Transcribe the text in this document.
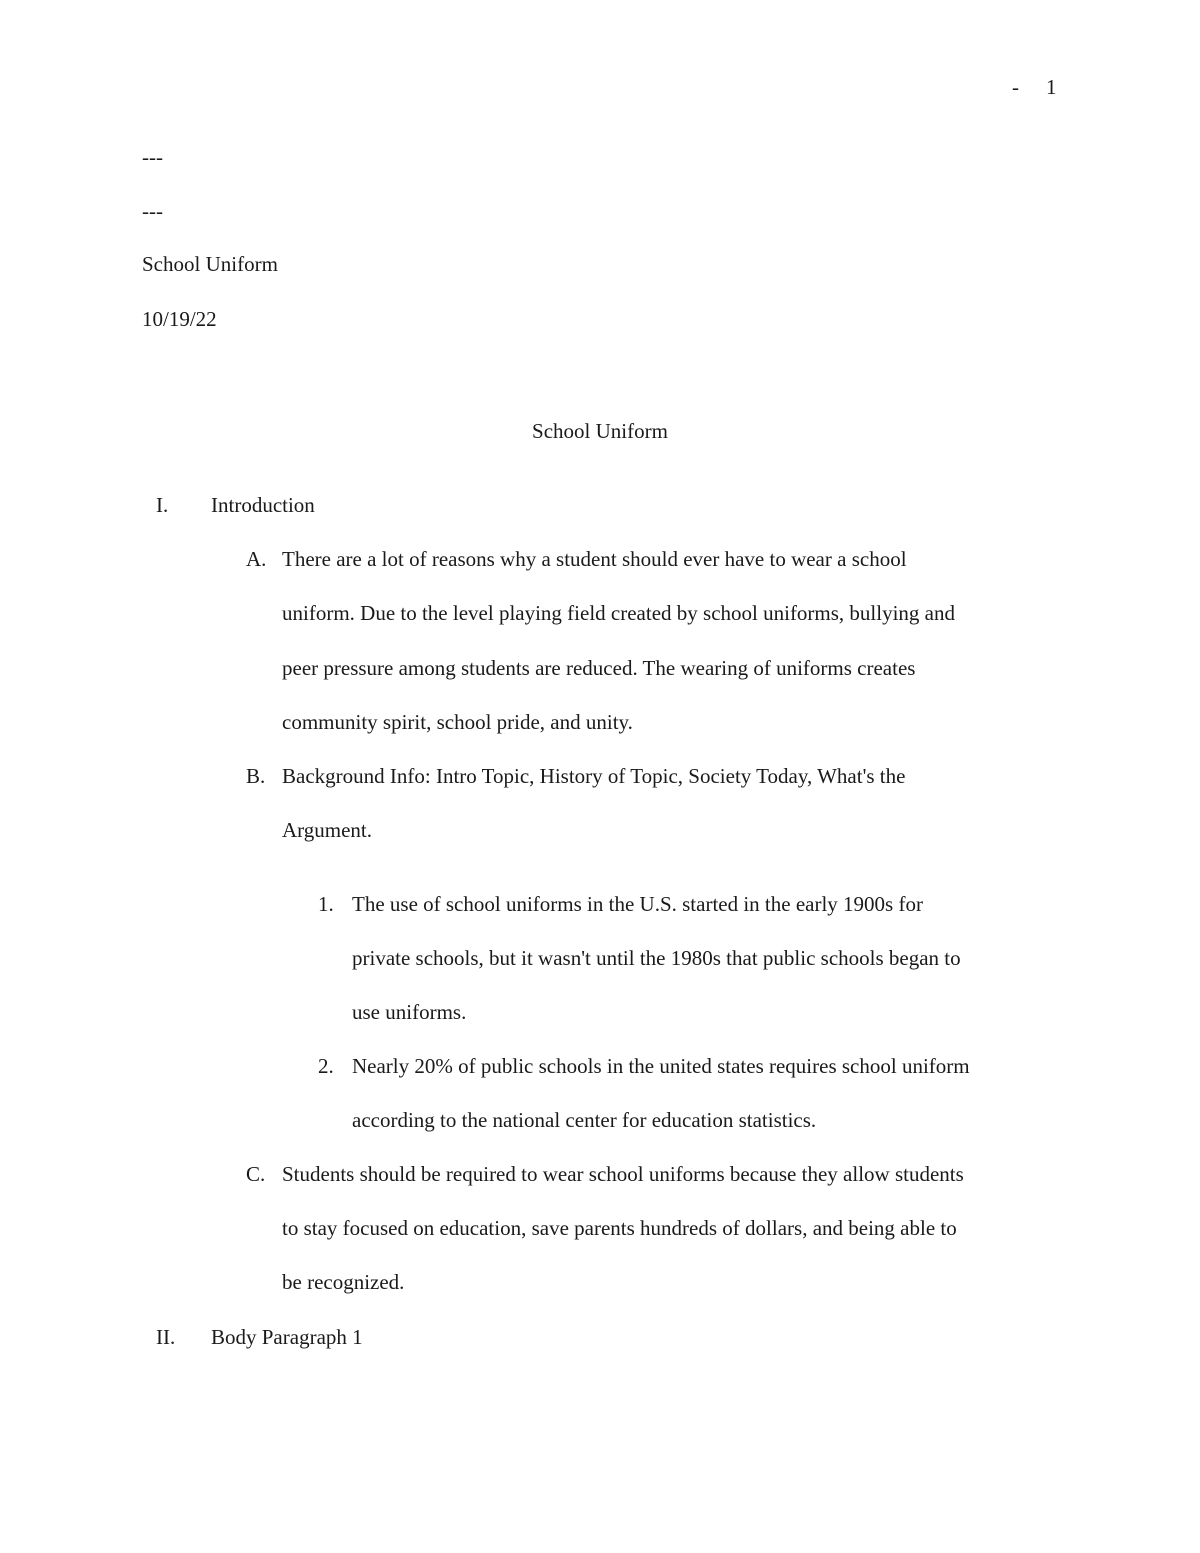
- 1
---
---
School Uniform
10/19/22
School Uniform
I. Introduction
A. There are a lot of reasons why a student should ever have to wear a school
uniform. Due to the level playing field created by school uniforms, bullying and
peer pressure among students are reduced. The wearing of uniforms creates
community spirit, school pride, and unity.
B. Background Info: Intro Topic, History of Topic, Society Today, What's the
Argument.
1. The use of school uniforms in the U.S. started in the early 1900s for
private schools, but it wasn't until the 1980s that public schools began to
use uniforms.
2. Nearly 20% of public schools in the united states requires school uniform
according to the national center for education statistics.
C. Students should be required to wear school uniforms because they allow students
to stay focused on education, save parents hundreds of dollars, and being able to
be recognized.
II. Body Paragraph 1
